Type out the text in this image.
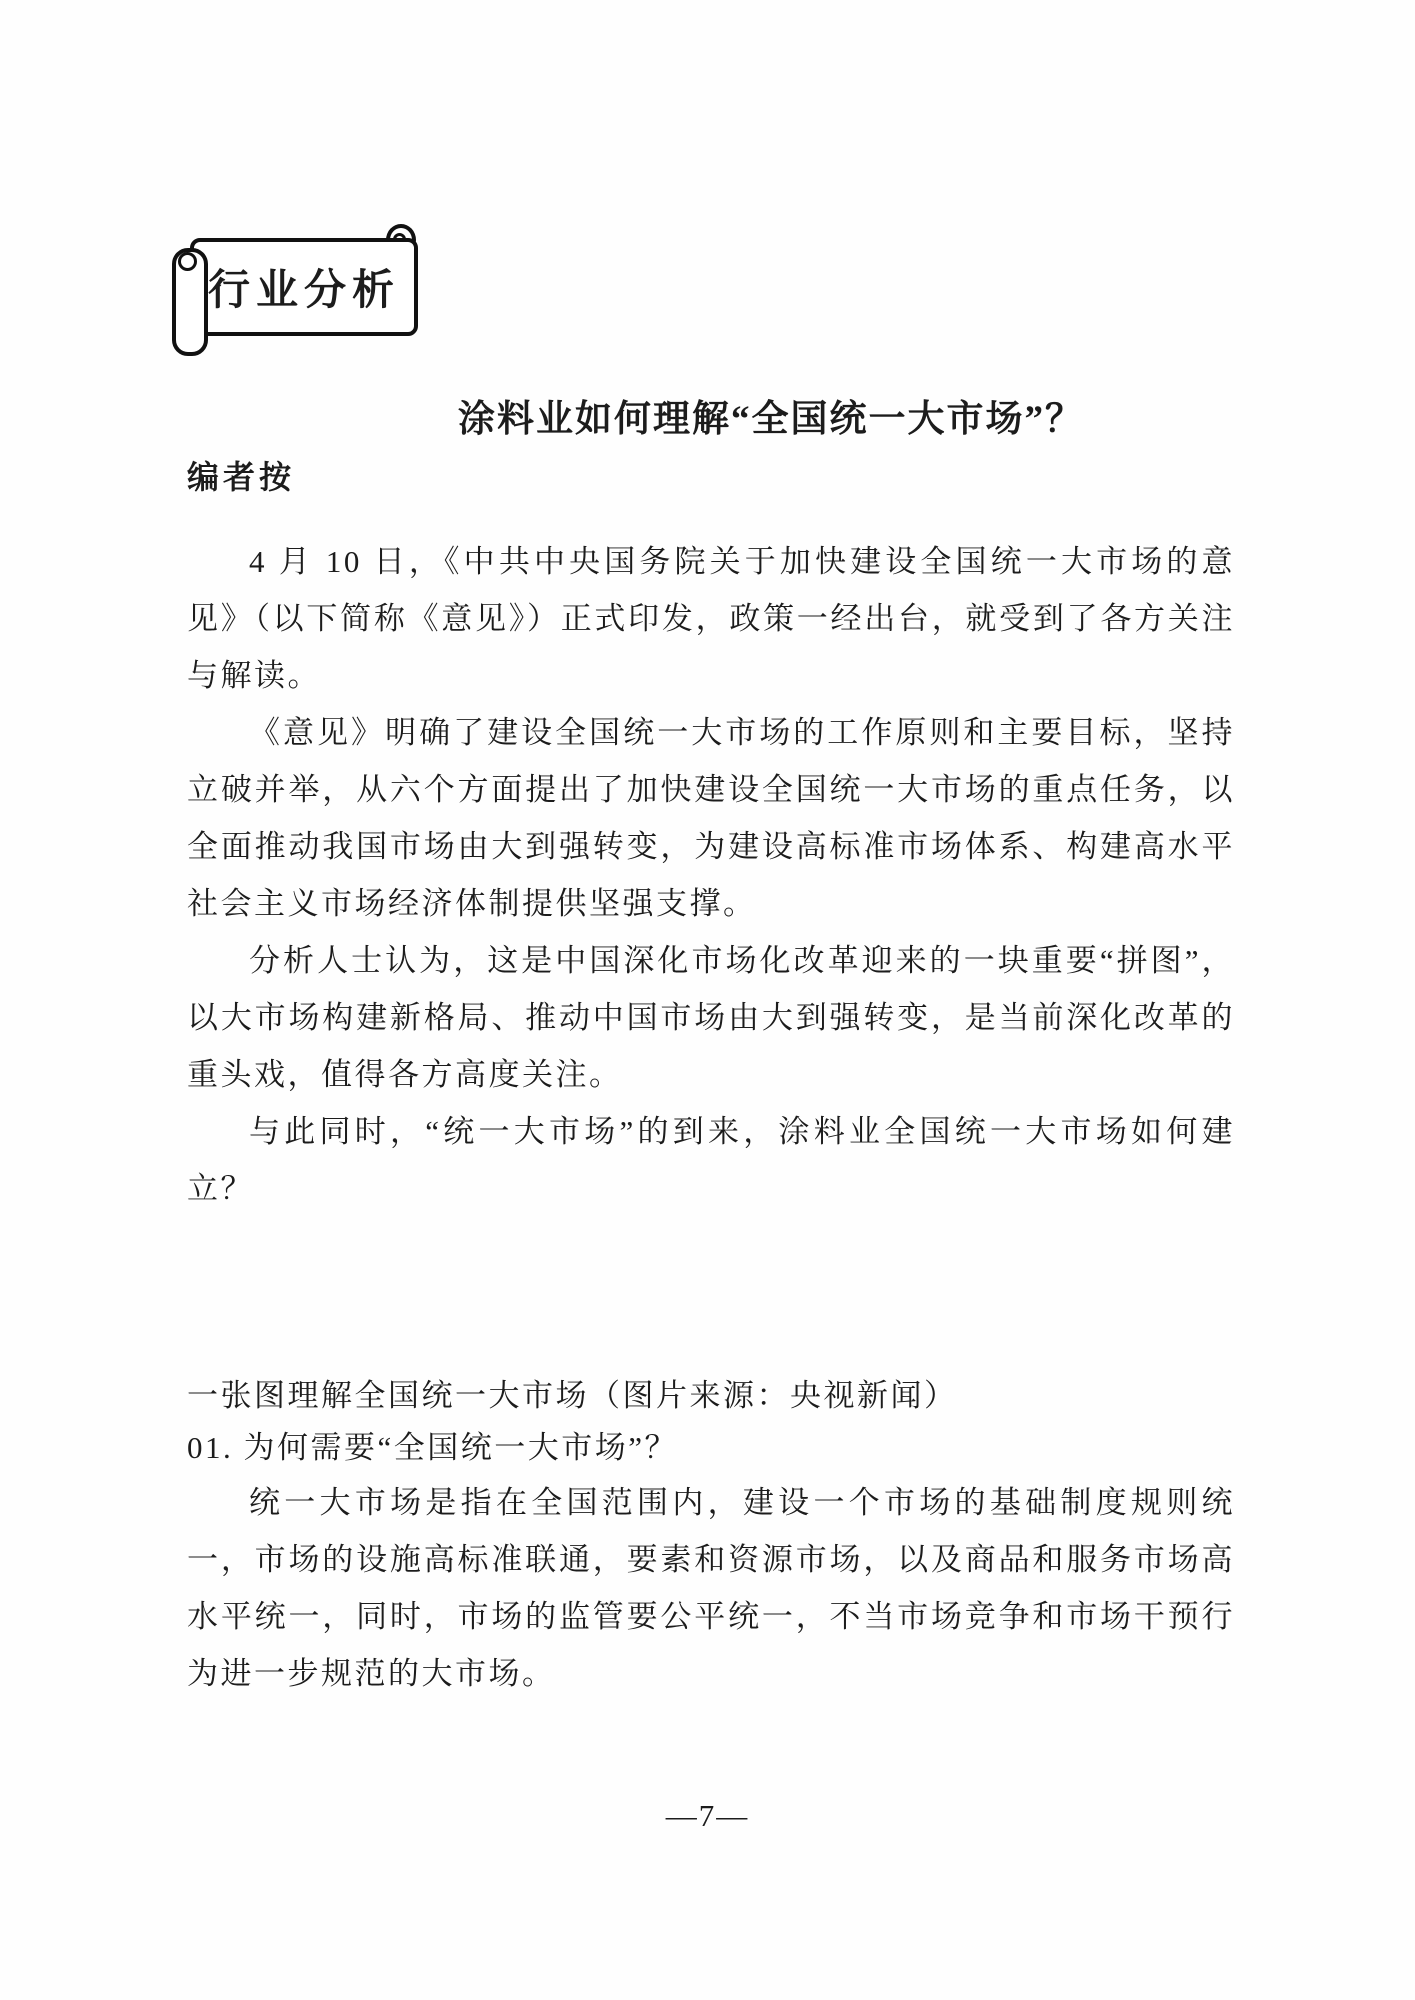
行业分析
涂料业如何理解“全国统一大市场”？
编者按

4 月 10 日，《中共中央国务院关于加快建设全国统一大市场的意见》（以下简称《意见》）正式印发，政策一经出台，就受到了各方关注与解读。

《意见》明确了建设全国统一大市场的工作原则和主要目标，坚持立破并举，从六个方面提出了加快建设全国统一大市场的重点任务，以全面推动我国市场由大到强转变，为建设高标准市场体系、构建高水平社会主义市场经济体制提供坚强支撑。

分析人士认为，这是中国深化市场化改革迎来的一块重要“拼图”，以大市场构建新格局、推动中国市场由大到强转变，是当前深化改革的重头戏，值得各方高度关注。

与此同时，“统一大市场”的到来，涂料业全国统一大市场如何建立？

一张图理解全国统一大市场（图片来源：央视新闻）

01. 为何需要“全国统一大市场”？

统一大市场是指在全国范围内，建设一个市场的基础制度规则统一，市场的设施高标准联通，要素和资源市场，以及商品和服务市场高水平统一，同时，市场的监管要公平统一，不当市场竞争和市场干预行为进一步规范的大市场。

—7—
